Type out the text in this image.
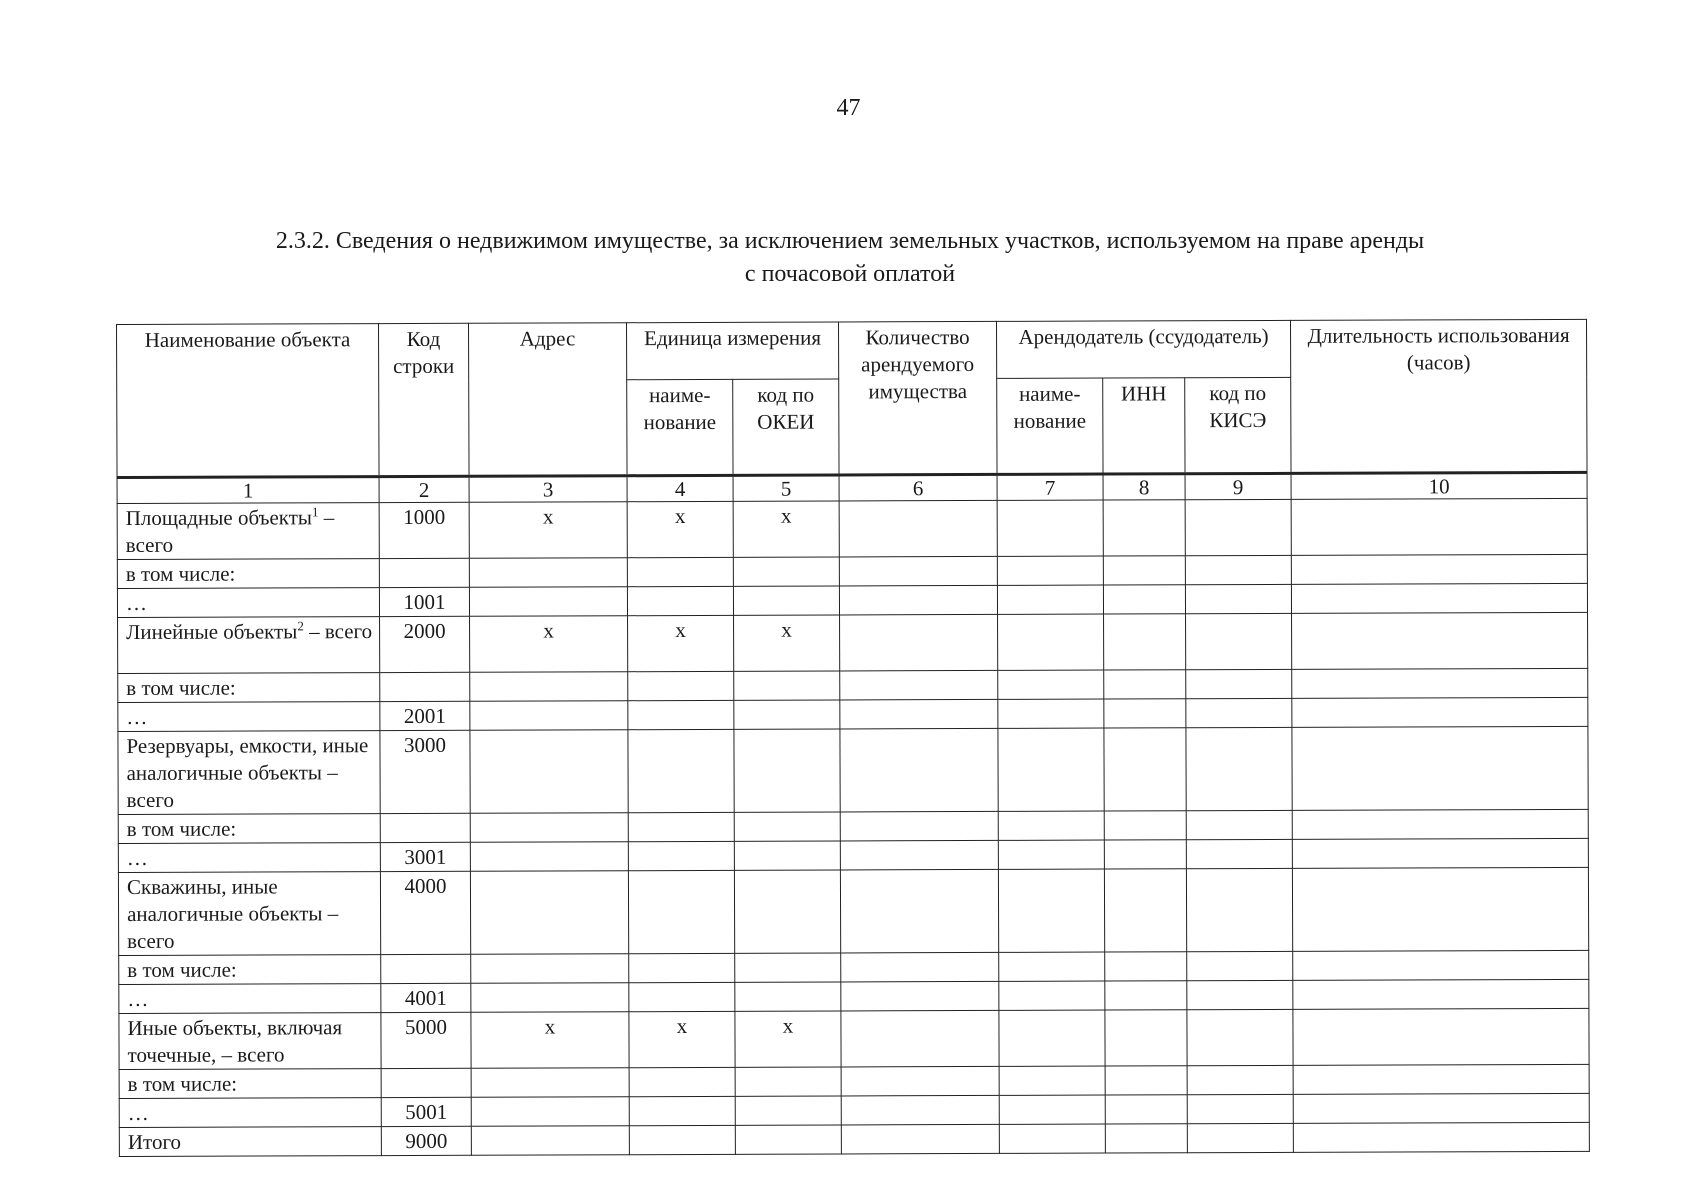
47
2.3.2. Сведения о недвижимом имуществе, за исключением земельных участков, используемом на праве аренды
с почасовой оплатой
Наименование объекта	Код строки	Адрес	Единица измерения		Количество арендуемого имущества	Арендодатель (ссудодатель)			Длительность использования (часов)
			наиме- нование	код по ОКЕИ		наиме- нование	ИНН	код по КИСЭ	
1	2	3	4	5	6	7	8	9	10
Площадные объекты$^1$ – всего	1000	x	x	x					
в том числе:									
…	1001								
Линейные объекты$^2$ – всего	2000	x	x	x					
в том числе:									
…	2001								
Резервуары, емкости, иные аналогичные объекты – всего	3000								
в том числе:									
…	3001								
Скважины, иные аналогичные объекты – всего	4000								
в том числе:									
…	4001								
Иные объекты, включая точечные, – всего	5000	x	x	x					
в том числе:									
…	5001								
Итого	9000								
